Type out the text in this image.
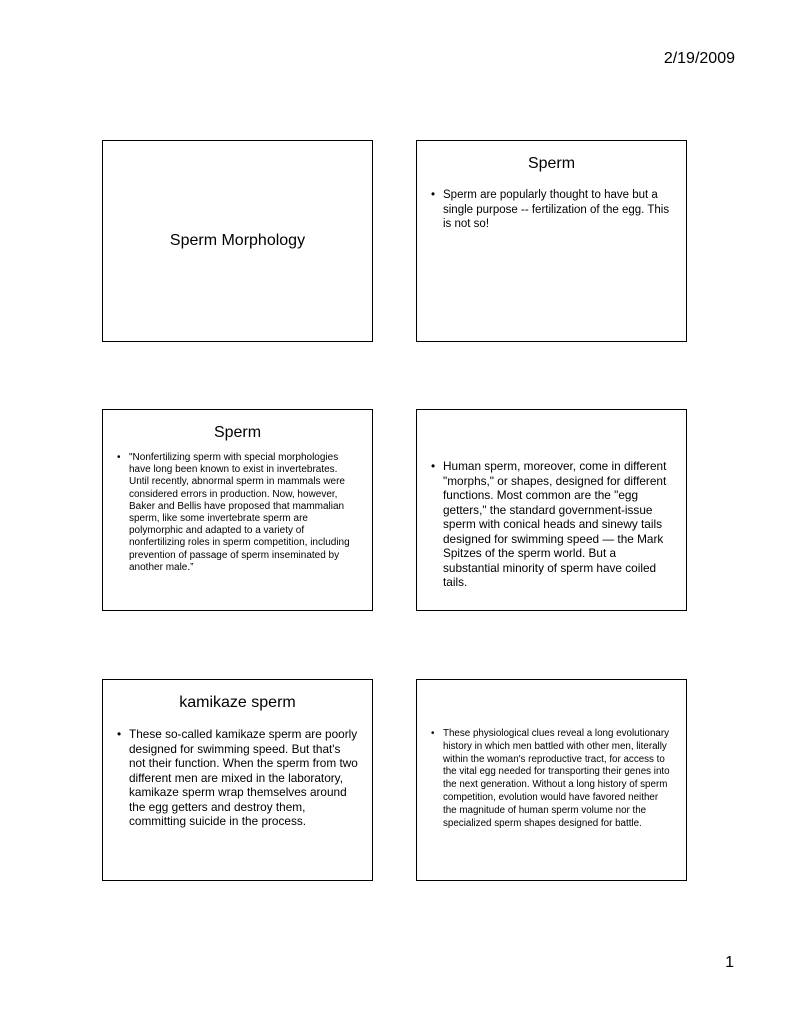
2/19/2009
Sperm Morphology
Sperm
• Sperm are popularly thought to have but a single purpose -- fertilization of the egg. This is not so!
Sperm
• "Nonfertilizing sperm with special morphologies have long been known to exist in invertebrates. Until recently, abnormal sperm in mammals were considered errors in production. Now, however, Baker and Bellis have proposed that mammalian sperm, like some invertebrate sperm are polymorphic and adapted to a variety of nonfertilizing roles in sperm competition, including prevention of passage of sperm inseminated by another male.”
• Human sperm, moreover, come in different "morphs," or shapes, designed for different functions. Most common are the "egg getters," the standard government-issue sperm with conical heads and sinewy tails designed for swimming speed — the Mark Spitzes of the sperm world. But a substantial minority of sperm have coiled tails.
kamikaze sperm
• These so-called kamikaze sperm are poorly designed for swimming speed. But that's not their function. When the sperm from two different men are mixed in the laboratory, kamikaze sperm wrap themselves around the egg getters and destroy them, committing suicide in the process.
• These physiological clues reveal a long evolutionary history in which men battled with other men, literally within the woman's reproductive tract, for access to the vital egg needed for transporting their genes into the next generation. Without a long history of sperm competition, evolution would have favored neither the magnitude of human sperm volume nor the specialized sperm shapes designed for battle.
1
